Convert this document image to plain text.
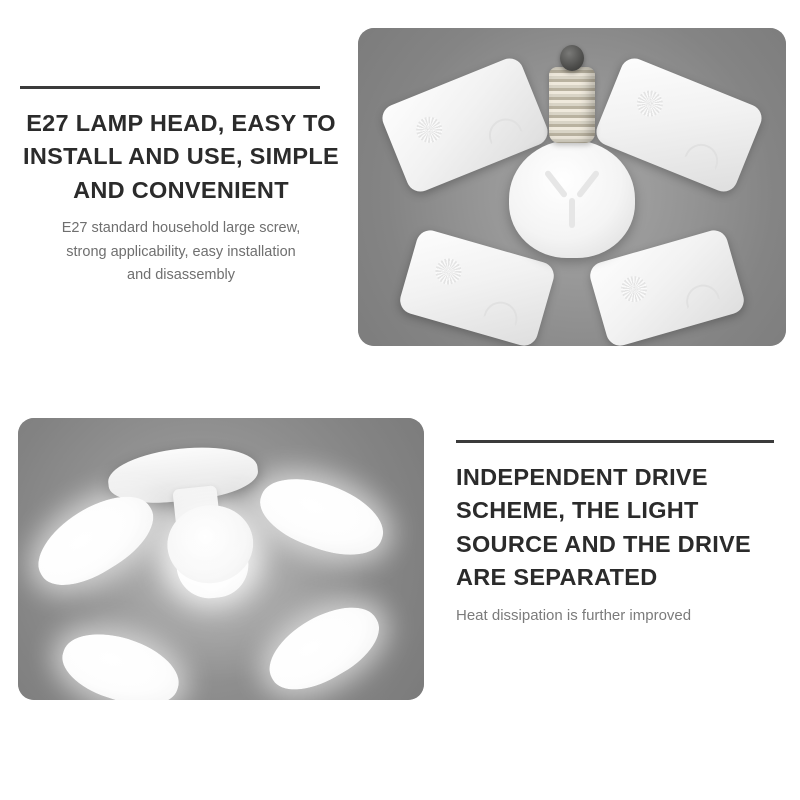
E27 LAMP HEAD, EASY TO
INSTALL AND USE, SIMPLE
AND CONVENIENT

E27 standard household large screw,
strong applicability, easy installation
and disassembly

INDEPENDENT DRIVE
SCHEME, THE LIGHT
SOURCE AND THE DRIVE
ARE SEPARATED

Heat dissipation is further improved
